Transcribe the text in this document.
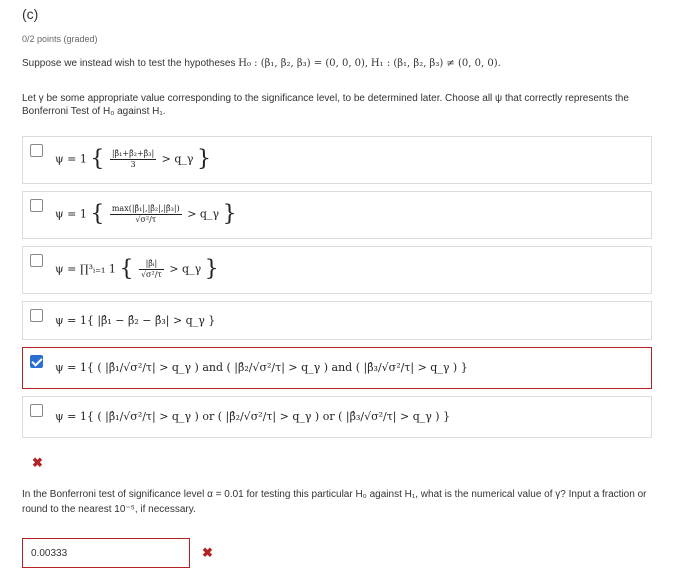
(c)
0/2 points (graded)
Suppose we instead wish to test the hypotheses H₀ : (β₁, β₂, β₃) = (0, 0, 0), H₁ : (β₁, β₂, β₃) ≠ (0, 0, 0).
Let γ be some appropriate value corresponding to the significance level, to be determined later. Choose all ψ that correctly represents the Bonferroni Test of H₀ against H₁.
ψ = 1 { $\frac{\text{|β̂₁+β̂₂+β̂₃|}}{3}$ > q_γ }
ψ = 1 { $\frac{\text{max(|β̂₁|,|β̂₂|,|β̂₃|)}}{\text{√σ²/τ}}$ > q_γ }
ψ = ∏³ᵢ₌₁ 1 { $\frac{\text{|β̂ᵢ|}}{\text{√σ²/τ}}$ > q_γ }
ψ = 1{ |β̂₁ − β̂₂ − β̂₃| > q_γ }
ψ = 1{ ( |β̂₁/√σ²/τ| > q_γ ) and ( |β̂₂/√σ²/τ| > q_γ ) and ( |β̂₃/√σ²/τ| > q_γ ) }
ψ = 1{ ( |β̂₁/√σ²/τ| > q_γ ) or ( |β̂₂/√σ²/τ| > q_γ ) or ( |β̂₃/√σ²/τ| > q_γ ) }
✖
In the Bonferroni test of significance level α = 0.01 for testing this particular H₀ against H₁, what is the numerical value of γ? Input a fraction or round to the nearest 10⁻⁵, if necessary.
0.00333
✖
